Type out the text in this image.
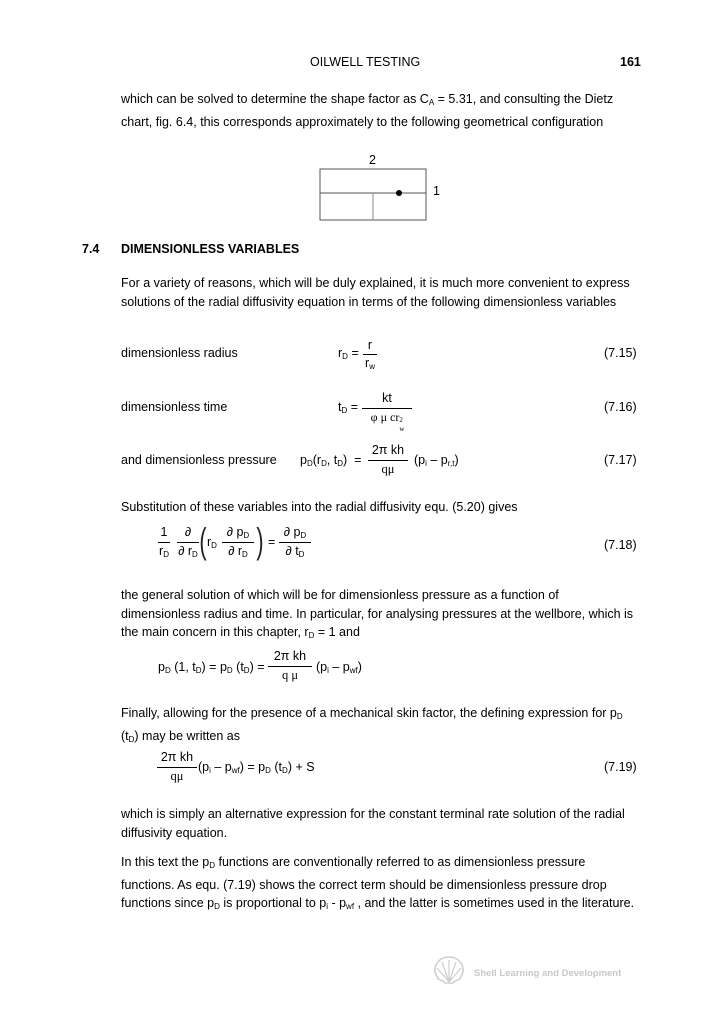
OILWELL TESTING	161
which can be solved to determine the shape factor as $C_A = 5.31$, and consulting the Dietz chart, fig. 6.4, this corresponds approximately to the following geometrical configuration
2
1
7.4 DIMENSIONLESS VARIABLES
For a variety of reasons, which will be duly explained, it is much more convenient to express solutions of the radial diffusivity equation in terms of the following dimensionless variables
dimensionless radius	$r_D$ =
r
$r_w$
(7.15)
dimensionless time	$t_D$ =
kt
φ μ cr 2
w
(7.16)
and dimensionless pressure $p_D(r_D$, $t_D$) =
2π kh
qμ
$(p_i - p_{r,t})$	(7.17)
Substitution of these variables into the radial diffusivity equ. (5.20) gives
1
$r_D$
∂
∂ $r_D$ ( $r_D$
∂ $p_D$
∂ $r_D$ ) =
∂ $p_D$
∂ $t_D$
(7.18)
the general solution of which will be for dimensionless pressure as a function of dimensionless radius and time. In particular, for analysing pressures at the wellbore, which is the main concern in this chapter, $r_D = 1$ and
$p_D$ (1, $t_D) = p_D$ $(t_D)$ =
2π kh
q μ
$(p_i - p_{wf})$
Finally, allowing for the presence of a mechanical skin factor, the defining expression for $p_D$ $(t_D)$ may be written as
2π kh
qμ
$(p_i - p_{wf}) = p_D$ $(t_D) + S$	(7.19)
which is simply an alternative expression for the constant terminal rate solution of the radial diffusivity equation.
In this text the $p_D$ functions are conventionally referred to as dimensionless pressure functions. As equ. (7.19) shows the correct term should be dimensionless pressure drop functions since $p_D$ is proportional to $p_i - p_{wf}$ , and the latter is sometimes used in the literature.
Shell Learning and Development
